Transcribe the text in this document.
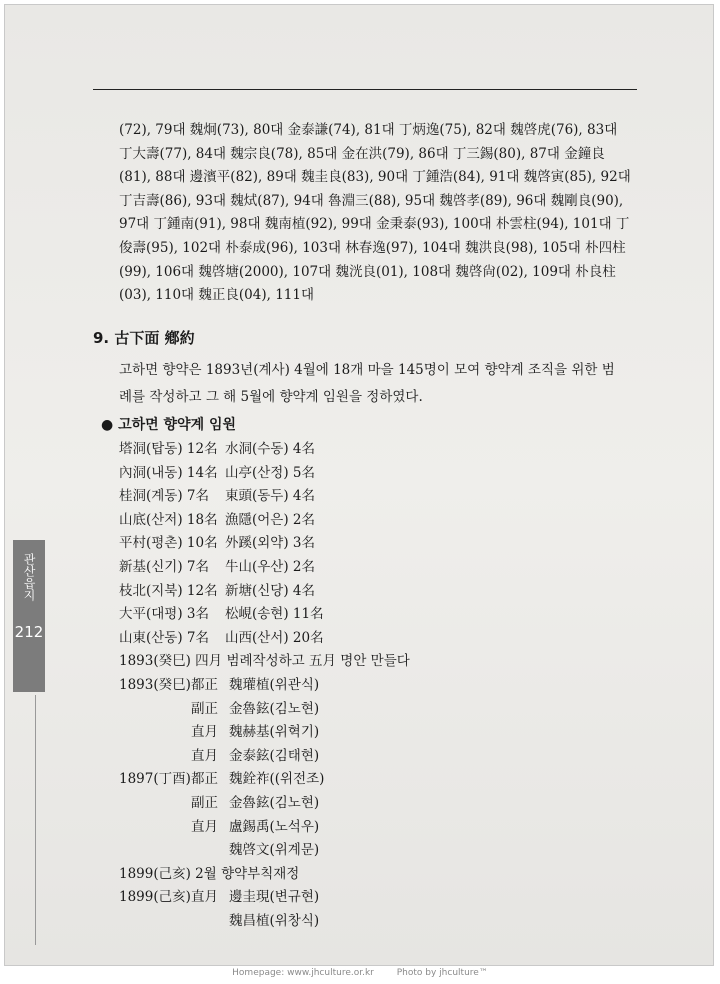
관산읍지
212
(72), 79대 魏炯(73), 80대 金泰謙(74), 81대 丁炳逸(75), 82대 魏啓虎(76), 83대
丁大壽(77), 84대 魏宗良(78), 85대 金在洪(79), 86대 丁三錫(80), 87대 金鐘良
(81), 88대 邊濱平(82), 89대 魏圭良(83), 90대 丁鍾浩(84), 91대 魏啓寅(85), 92대
丁吉壽(86), 93대 魏烒(87), 94대 魯淵三(88), 95대 魏啓孝(89), 96대 魏剛良(90),
97대 丁鍾南(91), 98대 魏南植(92), 99대 金秉泰(93), 100대 朴雲柱(94), 101대 丁
俊壽(95), 102대 朴泰成(96), 103대 林春逸(97), 104대 魏洪良(98), 105대 朴四柱
(99), 106대 魏啓塘(2000), 107대 魏洸良(01), 108대 魏啓尙(02), 109대 朴良柱
(03), 110대 魏正良(04), 111대
9. 古下面 鄕約
고하면 향약은 1893년(계사) 4월에 18개 마을 145명이 모여 향약계 조직을 위한 범
례를 작성하고 그 해 5월에 향약계 임원을 정하였다.
● 고하면 향약계 임원
塔洞(탑동) 12名 水洞(수동) 4名
內洞(내동) 14名 山亭(산정) 5名
桂洞(계동) 7名 東頭(동두) 4名
山底(산저) 18名 漁隱(어은) 2名
平村(평촌) 10名 外蹊(외약) 3名
新基(신기) 7名 牛山(우산) 2名
枝北(지북) 12名 新塘(신당) 4名
大平(대평) 3名 松峴(송현) 11名
山東(산동) 7名 山西(산서) 20名
1893(癸巳) 四月 범례작성하고 五月 명안 만들다
1893(癸巳) 都正 魏瓘植(위관식)
副正 金魯鉉(김노현)
直月 魏赫基(위혁기)
直月 金泰鉉(김태현)
1897(丁酉) 都正 魏銓祚((위전조)
副正 金魯鉉(김노현)
直月 盧錫禹(노석우)
魏啓文(위계문)
1899(己亥) 2월 향약부칙재정
1899(己亥) 直月 邊圭現(변규현)
魏昌植(위창식)
Homepage: www.jhculture.or.kr	Photo by jhculture™
